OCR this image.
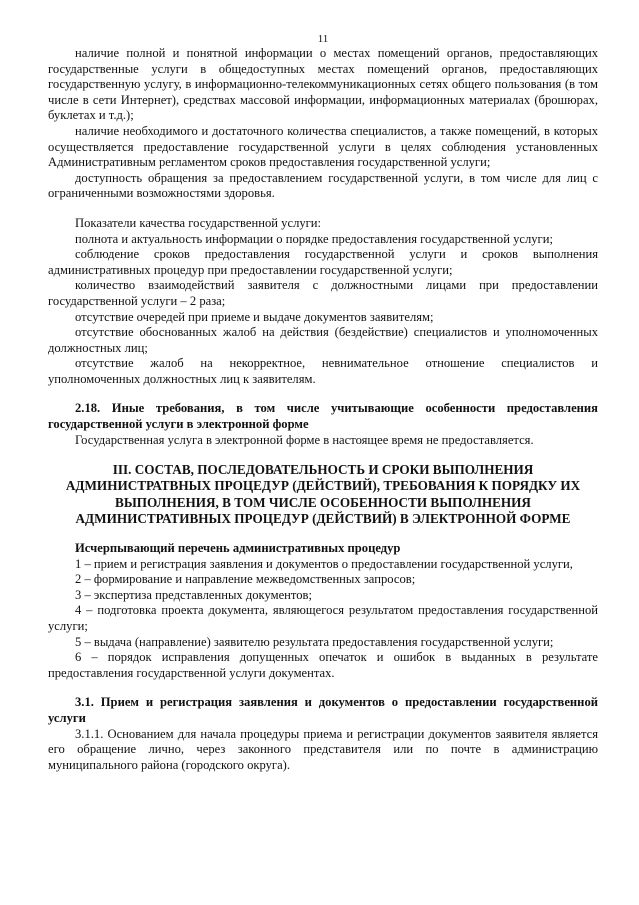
11

наличие полной и понятной информации о местах помещений органов, предоставляющих государственные услуги в общедоступных местах помещений органов, предоставляющих государственную услугу, в информационно-телекоммуникационных сетях общего пользования (в том числе в сети Интернет), средствах массовой информации, информационных материалах (брошюрах, буклетах и т.д.);

наличие необходимого и достаточного количества специалистов, а также помещений, в которых осуществляется предоставление государственной услуги в целях соблюдения установленных Административным регламентом сроков предоставления государственной услуги;

доступность обращения за предоставлением государственной услуги, в том числе для лиц с ограниченными возможностями здоровья.

Показатели качества государственной услуги:

полнота и актуальность информации о порядке предоставления государственной услуги;

соблюдение сроков предоставления государственной услуги и сроков выполнения административных процедур при предоставлении государственной услуги;

количество взаимодействий заявителя с должностными лицами при предоставлении государственной услуги – 2 раза;

отсутствие очередей при приеме и выдаче документов заявителям;

отсутствие обоснованных жалоб на действия (бездействие) специалистов и уполномоченных должностных лиц;

отсутствие жалоб на некорректное, невнимательное отношение специалистов и уполномоченных должностных лиц к заявителям.

2.18. Иные требования, в том числе учитывающие особенности предоставления государственной услуги в электронной форме

Государственная услуга в электронной форме в настоящее время не предоставляется.

III. СОСТАВ, ПОСЛЕДОВАТЕЛЬНОСТЬ И СРОКИ ВЫПОЛНЕНИЯ АДМИНИСТРАТВНЫХ ПРОЦЕДУР (ДЕЙСТВИЙ), ТРЕБОВАНИЯ К ПОРЯДКУ ИХ ВЫПОЛНЕНИЯ, В ТОМ ЧИСЛЕ ОСОБЕННОСТИ ВЫПОЛНЕНИЯ АДМИНИСТРАТИВНЫХ ПРОЦЕДУР (ДЕЙСТВИЙ) В ЭЛЕКТРОННОЙ ФОРМЕ

Исчерпывающий перечень административных процедур

1 – прием и регистрация заявления и документов о предоставлении государственной услуги,

2 – формирование и направление межведомственных запросов;

3 – экспертиза представленных документов;

4 – подготовка проекта документа, являющегося результатом предоставления государственной услуги;

5 – выдача (направление) заявителю результата предоставления государственной услуги;

6 – порядок исправления допущенных опечаток и ошибок в выданных в результате предоставления государственной услуги документах.

3.1. Прием и регистрация заявления и документов о предоставлении государственной услуги

3.1.1. Основанием для начала процедуры приема и регистрации документов заявителя является его обращение лично, через законного представителя или по почте в администрацию муниципального района (городского округа).
